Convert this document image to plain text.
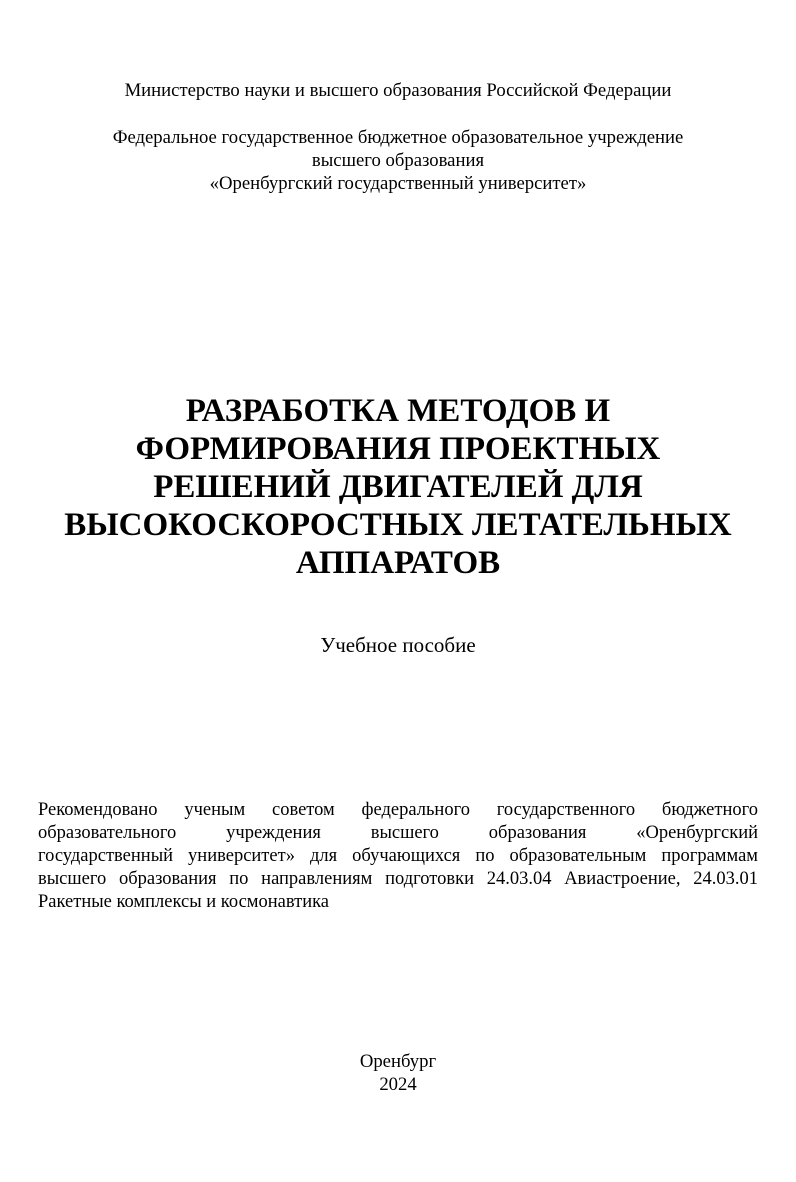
Министерство науки и высшего образования Российской Федерации
Федеральное государственное бюджетное образовательное учреждение
высшего образования
«Оренбургский государственный университет»
РАЗРАБОТКА МЕТОДОВ И
ФОРМИРОВАНИЯ ПРОЕКТНЫХ
РЕШЕНИЙ ДВИГАТЕЛЕЙ ДЛЯ
ВЫСОКОСКОРОСТНЫХ ЛЕТАТЕЛЬНЫХ
АППАРАТОВ
Учебное пособие
Рекомендовано ученым советом федерального государственного бюджетного
образовательного учреждения высшего образования «Оренбургский
государственный университет» для обучающихся по образовательным программам
высшего образования по направлениям подготовки 24.03.04 Авиастроение, 24.03.01
Ракетные комплексы и космонавтика
Оренбург
2024
